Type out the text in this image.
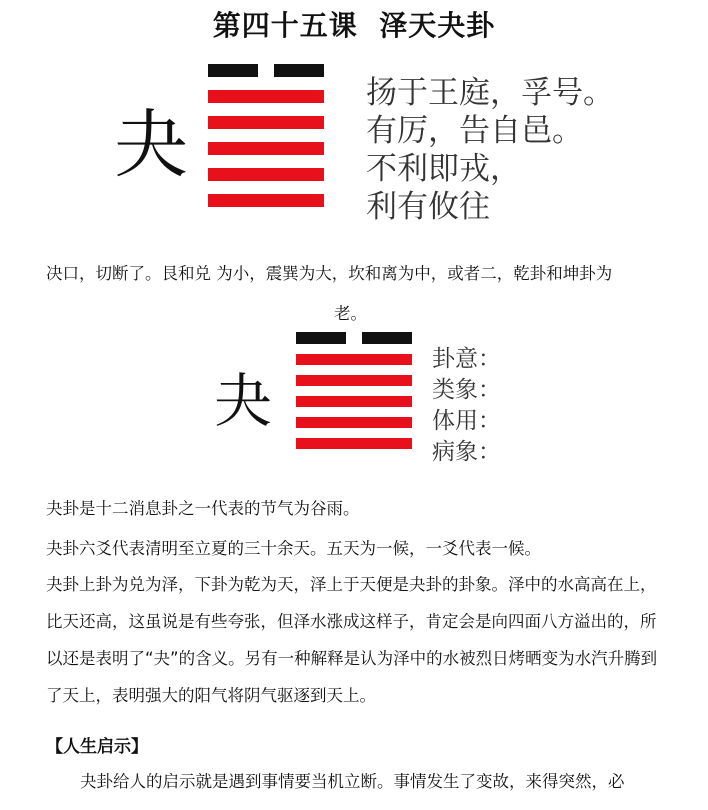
第四十五课  泽天夬卦
夬
扬于王庭，孚号。
有厉，告自邑。
不利即戎，
利有攸往
决口，切断了。艮和兑 为小，震巽为大，坎和离为中，或者二，乾卦和坤卦为
老。
夬
卦意：
类象：
体用：
病象：
夬卦是十二消息卦之一代表的节气为谷雨。
夬卦六爻代表清明至立夏的三十余天。五天为一候，一爻代表一候。
夬卦上卦为兑为泽，下卦为乾为天，泽上于天便是夬卦的卦象。泽中的水高高在上，比天还高，这虽说是有些夸张，但泽水涨成这样子，肯定会是向四面八方溢出的，所以还是表明了“夬”的含义。另有一种解释是认为泽中的水被烈日烤晒变为水汽升腾到了天上，表明强大的阳气将阴气驱逐到天上。
【人生启示】
夬卦给人的启示就是遇到事情要当机立断。事情发生了变故，来得突然，必
